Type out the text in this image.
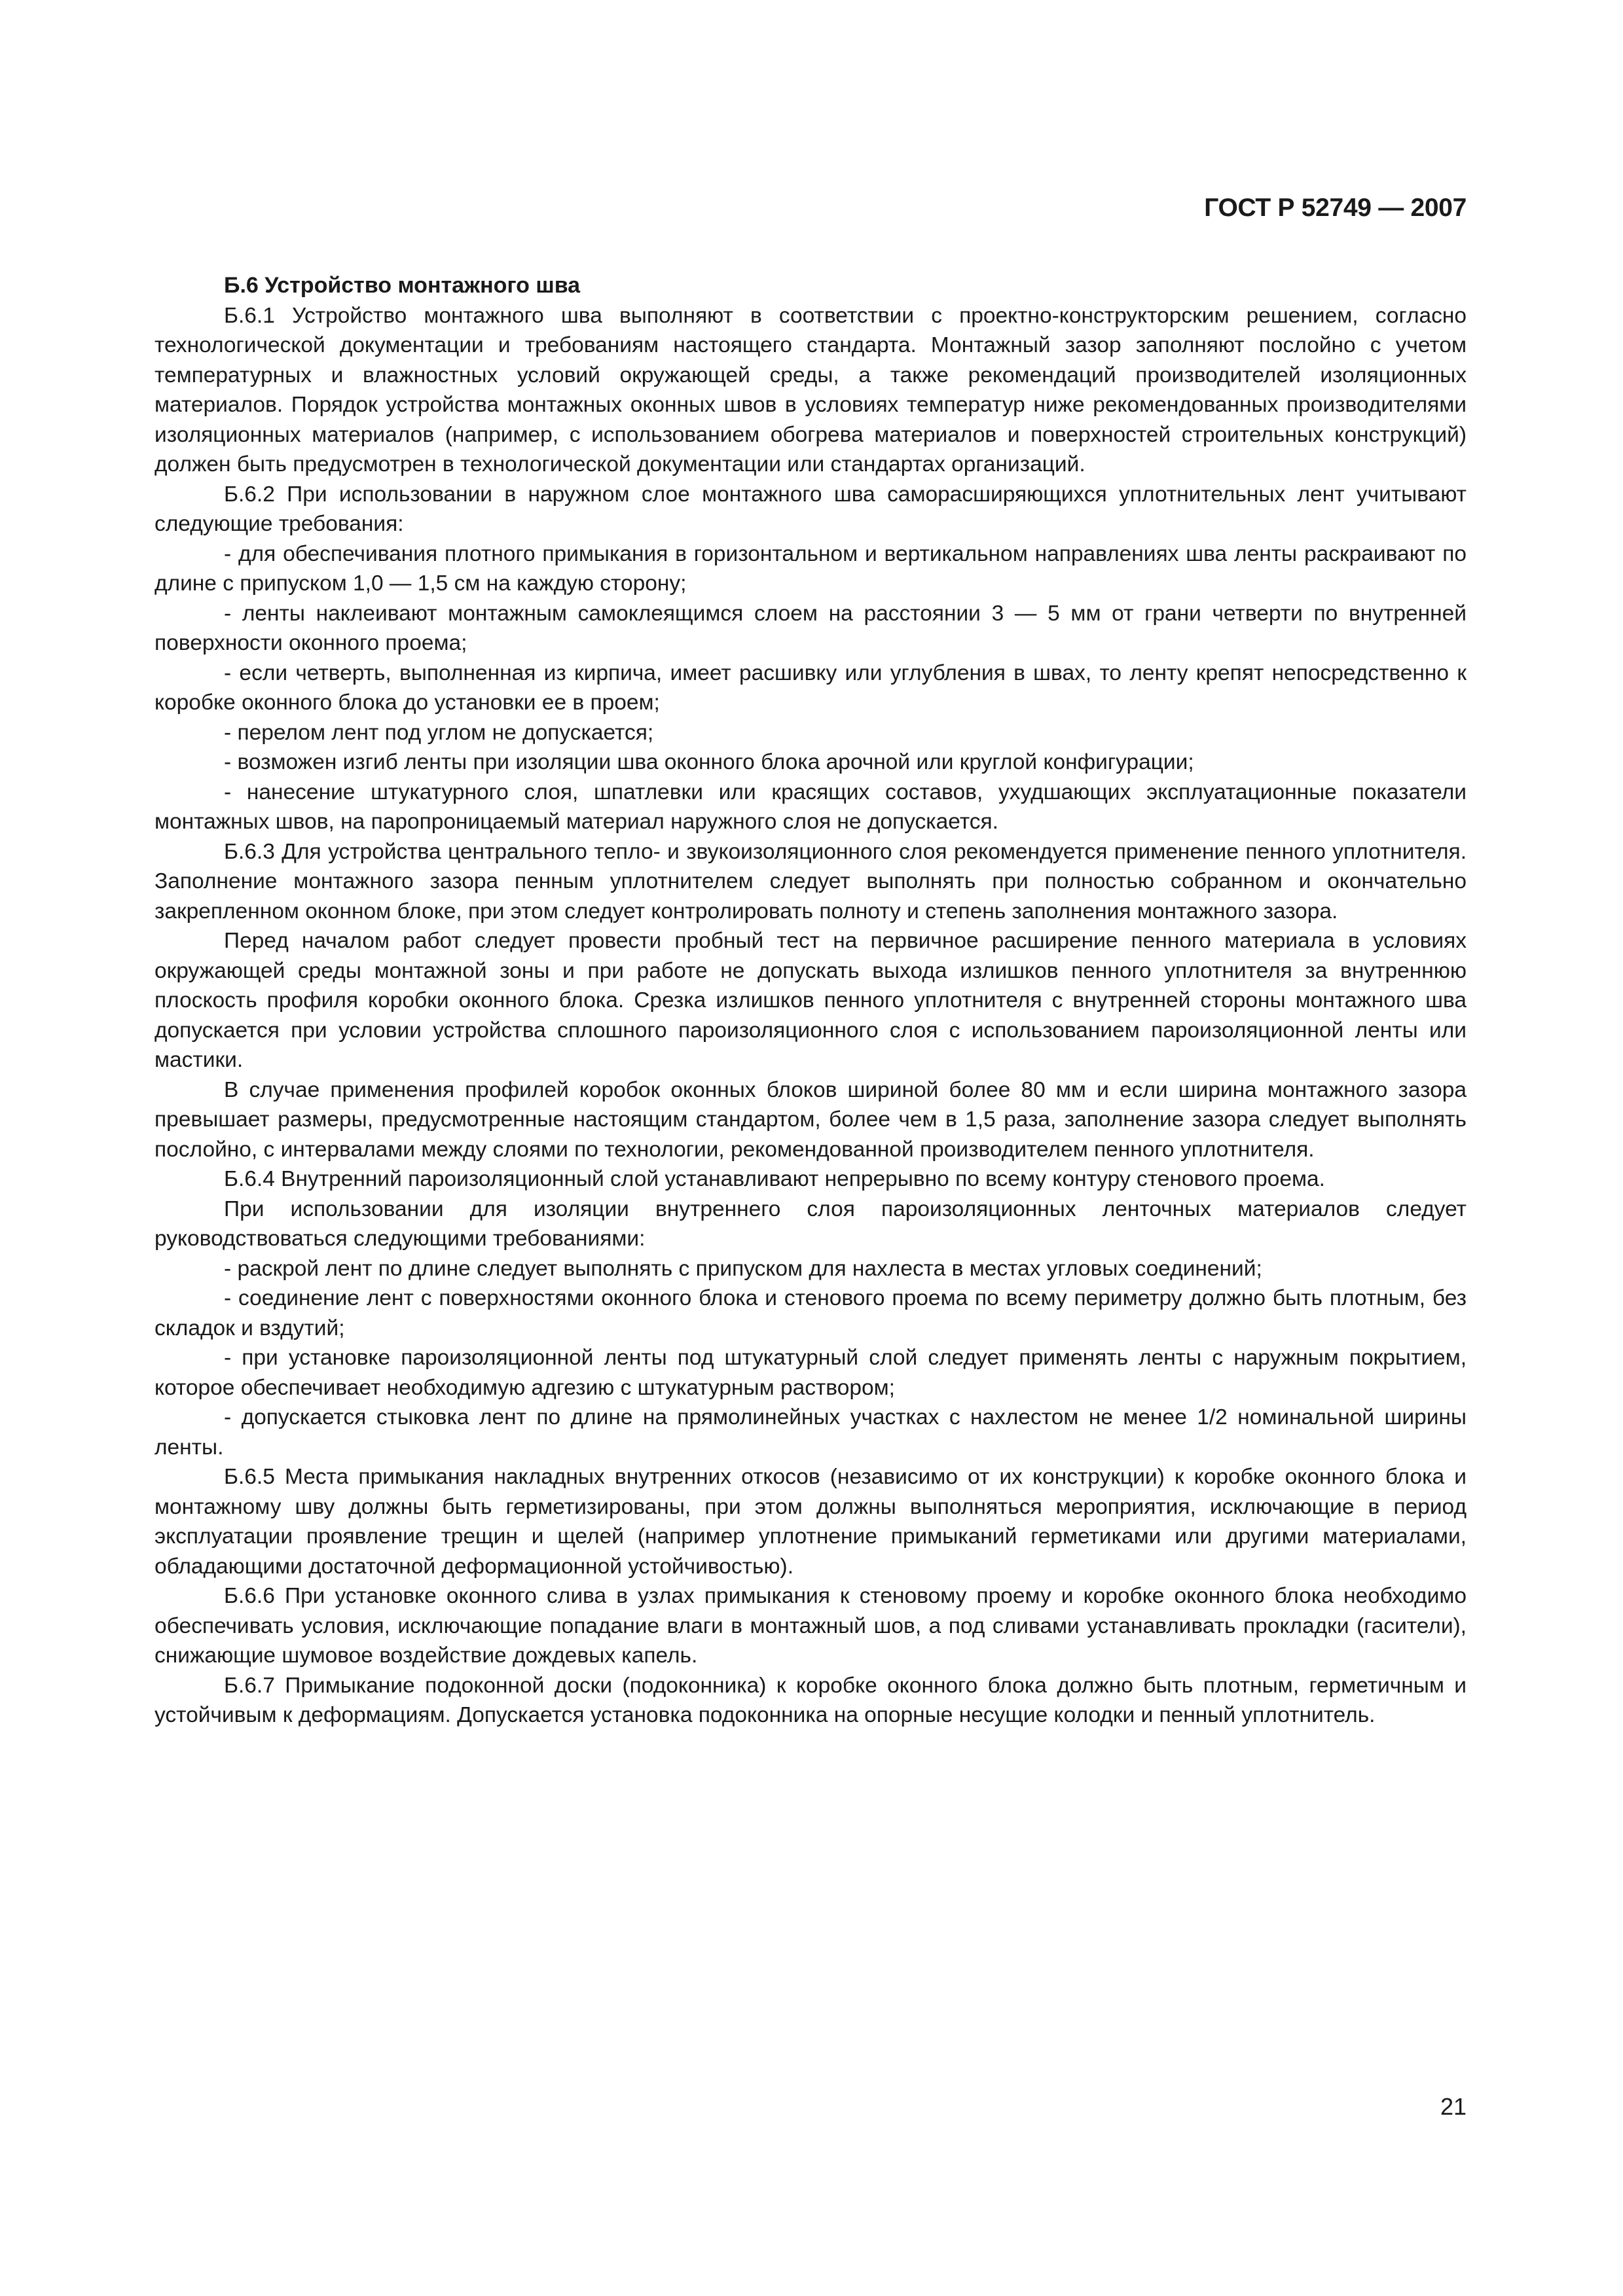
ГОСТ Р 52749 — 2007
Б.6 Устройство монтажного шва

Б.6.1 Устройство монтажного шва выполняют в соответствии с проектно-конструкторским решением, согласно технологической документации и требованиям настоящего стандарта. Монтажный зазор заполняют послойно с учетом температурных и влажностных условий окружающей среды, а также рекомендаций производителей изоляционных материалов. Порядок устройства монтажных оконных швов в условиях температур ниже рекомендованных производителями изоляционных материалов (например, с использованием обогрева материалов и поверхностей строительных конструкций) должен быть предусмотрен в технологической документации или стандартах организаций.

Б.6.2 При использовании в наружном слое монтажного шва саморасширяющихся уплотнительных лент учитывают следующие требования:

- для обеспечивания плотного примыкания в горизонтальном и вертикальном направлениях шва ленты раскраивают по длине с припуском 1,0 — 1,5 см на каждую сторону;

- ленты наклеивают монтажным самоклеящимся слоем на расстоянии 3 — 5 мм от грани четверти по внутренней поверхности оконного проема;

- если четверть, выполненная из кирпича, имеет расшивку или углубления в швах, то ленту крепят непосредственно к коробке оконного блока до установки ее в проем;

- перелом лент под углом не допускается;

- возможен изгиб ленты при изоляции шва оконного блока арочной или круглой конфигурации;

- нанесение штукатурного слоя, шпатлевки или красящих составов, ухудшающих эксплуатационные показатели монтажных швов, на паропроницаемый материал наружного слоя не допускается.

Б.6.3 Для устройства центрального тепло- и звукоизоляционного слоя рекомендуется применение пенного уплотнителя. Заполнение монтажного зазора пенным уплотнителем следует выполнять при полностью собранном и окончательно закрепленном оконном блоке, при этом следует контролировать полноту и степень заполнения монтажного зазора.

Перед началом работ следует провести пробный тест на первичное расширение пенного материала в условиях окружающей среды монтажной зоны и при работе не допускать выхода излишков пенного уплотнителя за внутреннюю плоскость профиля коробки оконного блока. Срезка излишков пенного уплотнителя с внутренней стороны монтажного шва допускается при условии устройства сплошного пароизоляционного слоя с использованием пароизоляционной ленты или мастики.

В случае применения профилей коробок оконных блоков шириной более 80 мм и если ширина монтажного зазора превышает размеры, предусмотренные настоящим стандартом, более чем в 1,5 раза, заполнение зазора следует выполнять послойно, с интервалами между слоями по технологии, рекомендованной производителем пенного уплотнителя.

Б.6.4 Внутренний пароизоляционный слой устанавливают непрерывно по всему контуру стенового проема.

При использовании для изоляции внутреннего слоя пароизоляционных ленточных материалов следует руководствоваться следующими требованиями:

- раскрой лент по длине следует выполнять с припуском для нахлеста в местах угловых соединений;

- соединение лент с поверхностями оконного блока и стенового проема по всему периметру должно быть плотным, без складок и вздутий;

- при установке пароизоляционной ленты под штукатурный слой следует применять ленты с наружным покрытием, которое обеспечивает необходимую адгезию с штукатурным раствором;

- допускается стыковка лент по длине на прямолинейных участках с нахлестом не менее 1/2 номинальной ширины ленты.

Б.6.5 Места примыкания накладных внутренних откосов (независимо от их конструкции) к коробке оконного блока и монтажному шву должны быть герметизированы, при этом должны выполняться мероприятия, исключающие в период эксплуатации проявление трещин и щелей (например уплотнение примыканий герметиками или другими материалами, обладающими достаточной деформационной устойчивостью).

Б.6.6 При установке оконного слива в узлах примыкания к стеновому проему и коробке оконного блока необходимо обеспечивать условия, исключающие попадание влаги в монтажный шов, а под сливами устанавливать прокладки (гасители), снижающие шумовое воздействие дождевых капель.

Б.6.7 Примыкание подоконной доски (подоконника) к коробке оконного блока должно быть плотным, герметичным и устойчивым к деформациям. Допускается установка подоконника на опорные несущие колодки и пенный уплотнитель.

21
